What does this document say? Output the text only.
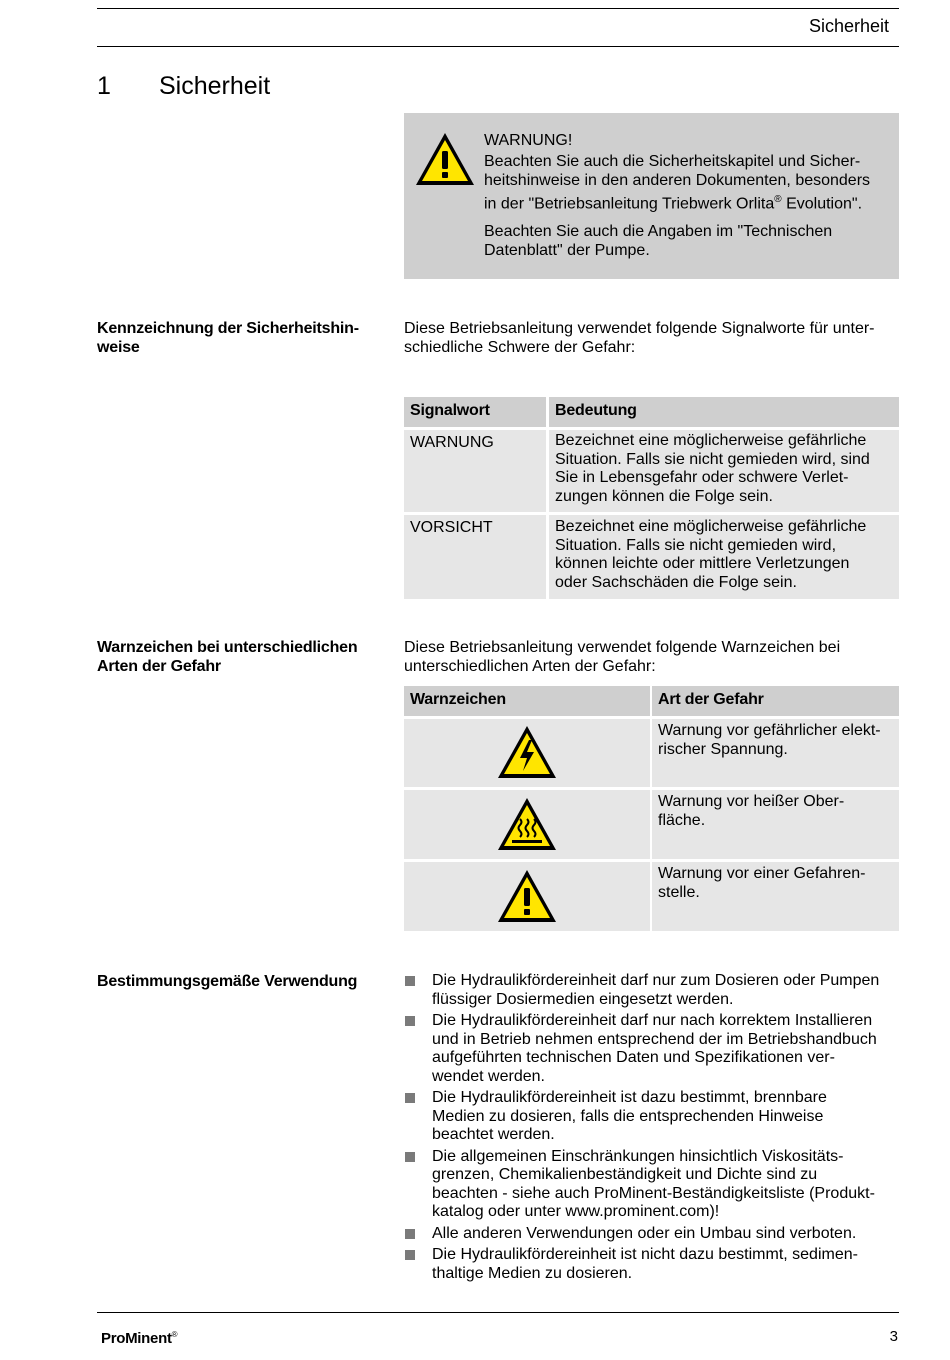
Sicherheit
1 Sicherheit
WARNUNG!

Beachten Sie auch die Sicherheitskapitel und Sicher-
heitshinweise in den anderen Dokumenten, besonders
in der "Betriebsanleitung Triebwerk Orlita® Evolution".

Beachten Sie auch die Angaben im "Technischen
Datenblatt" der Pumpe.

Kennzeichnung der Sicherheitshin-
weise
Diese Betriebsanleitung verwendet folgende Signalworte für unter-
schiedliche Schwere der Gefahr:
Signalwort	Bedeutung
WARNUNG	Bezeichnet eine möglicherweise gefährliche
Situation. Falls sie nicht gemieden wird, sind
Sie in Lebensgefahr oder schwere Verlet-
zungen können die Folge sein.
VORSICHT	Bezeichnet eine möglicherweise gefährliche
Situation. Falls sie nicht gemieden wird,
können leichte oder mittlere Verletzungen
oder Sachschäden die Folge sein.
Warnzeichen bei unterschiedlichen
Arten der Gefahr
Diese Betriebsanleitung verwendet folgende Warnzeichen bei
unterschiedlichen Arten der Gefahr:
Warnzeichen	Art der Gefahr
Warnung vor gefährlicher elekt-
rischer Spannung.
Warnung vor heißer Ober-
fläche.
Warnung vor einer Gefahren-
stelle.
Bestimmungsgemäße Verwendung	Die Hydraulikfördereinheit darf nur zum Dosieren oder Pumpen
flüssiger Dosiermedien eingesetzt werden.
Die Hydraulikfördereinheit darf nur nach korrektem Installieren
und in Betrieb nehmen entsprechend der im Betriebshandbuch
aufgeführten technischen Daten und Spezifikationen ver-
wendet werden.
Die Hydraulikfördereinheit ist dazu bestimmt, brennbare
Medien zu dosieren, falls die entsprechenden Hinweise
beachtet werden.
Die allgemeinen Einschränkungen hinsichtlich Viskositäts-
grenzen, Chemikalienbeständigkeit und Dichte sind zu
beachten - siehe auch ProMinent-Beständigkeitsliste (Produkt-
katalog oder unter www.prominent.com)!
Alle anderen Verwendungen oder ein Umbau sind verboten.
Die Hydraulikfördereinheit ist nicht dazu bestimmt, sedimen-
thaltige Medien zu dosieren.
ProMinent®	3
